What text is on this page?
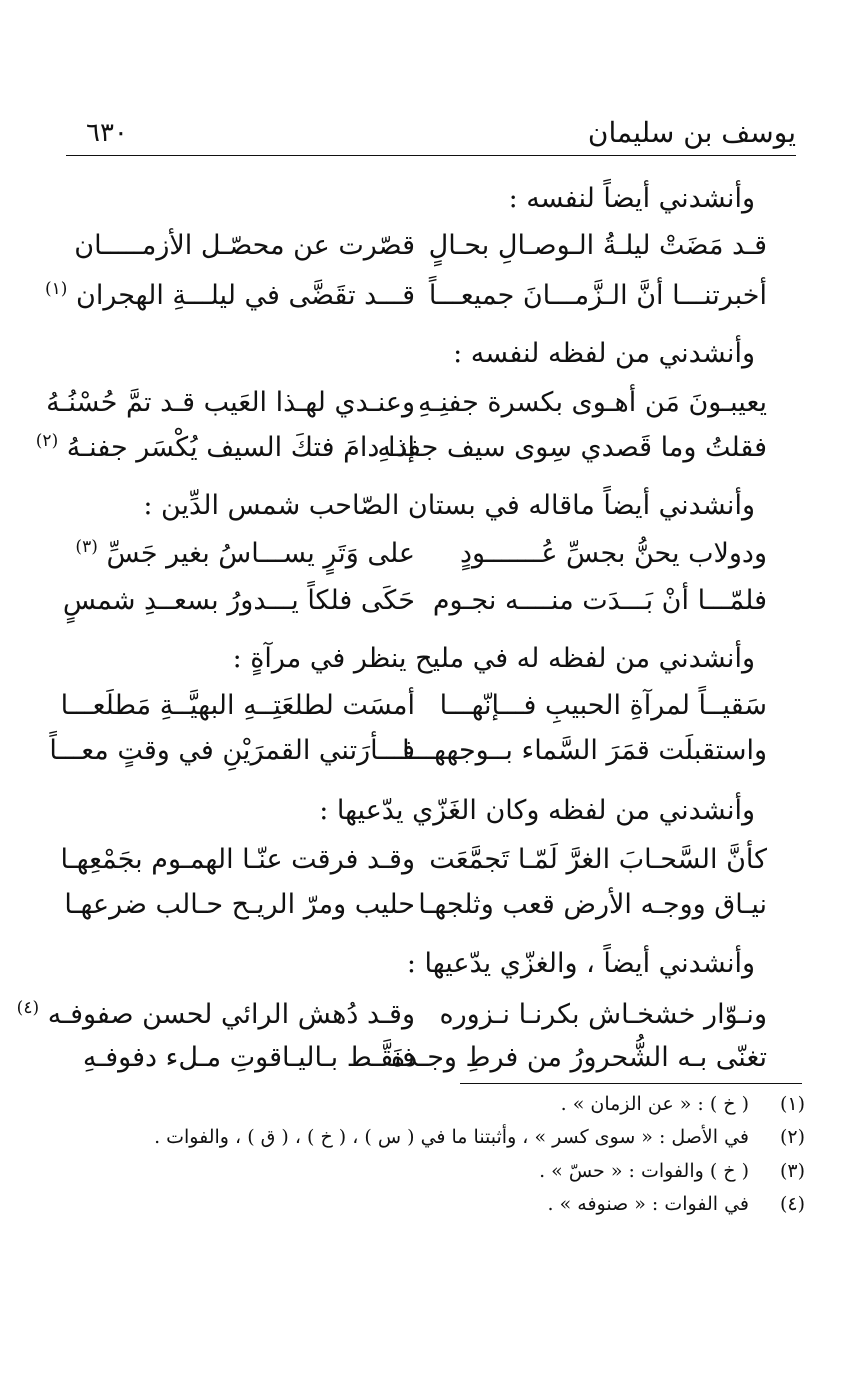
يوسف بن سليمان
٦٣٠
وأنشدني أيضاً لنفسه :
قـد مَضَتْ ليلـةُ الـوصـالِ بحـالٍ
قصّرت عن محصّـل الأزمـــــان
أخبرتنـــا أنَّ الـزَّمـــانَ جميعـــاً
قـــد تقَضَّى في ليلـــةِ الهجران $^{(١)}$
وأنشدني من لفظه لنفسه :
يعيبـونَ مَن أهـوى بكسرة جفنِـهِ
وعنـدي لهـذا العَيب قـد تمَّ حُسْنُـهُ
فقلتُ وما قَصدي سِوى سيف جفنـهِ
إذا دامَ فتكَ السيف يُكْسَر جفنـهُ $^{(٢)}$
وأنشدني أيضاً ماقاله في بستان الصّاحب شمس الدِّين :
ودولاب يحنُّ بجسِّ عُـــــــودٍ
على وَتَرٍ يســـاسُ بغير جَسِّ $^{(٣)}$
فلمّـــا أنْ بَـــدَت منــــه نجـوم
حَكَى فلكاً يـــدورُ بسعــدِ شمسٍ
وأنشدني من لفظه له في مليح ينظر في مرآةٍ :
سَقيــاً لمرآةِ الحبيبِ فـــإنّهـــا
أمسَت لطلعَتِــهِ البهيَّــةِ مَطلَعـــا
واستقبلَت قمَرَ السَّماء بــوجههـــا
فـــأرَتني القمرَيْنِ في وقتٍ معـــاً
وأنشدني من لفظه وكان الغَزّي يدّعيها :
كأنَّ السَّحـابَ الغرَّ لَمّـا تَجمَّعَت
وقـد فرقت عنّـا الهمـوم بجَمْعِهـا
نيـاق ووجـه الأرض قعب وثلجهـا
حليب ومرّ الريـح حـالب ضرعهـا
وأنشدني أيضاً ، والغزّي يدّعيها :
ونـوّار خشخـاش بكرنـا نـزوره
وقـد دُهش الرائي لحسن صفوفـه $^{(٤)}$
تغنّى بـه الشُّحرورُ من فرطِ وجـده
فنَقَّـط بـاليـاقوتِ مـلء دفوفـهِ
(١)( خ ) : « عن الزمان » .
(٢)في الأصل : « سوى كسر » ، وأثبتنا ما في ( س ) ، ( خ ) ، ( ق ) ، والفوات .
(٣)( خ ) والفوات : « حسّ » .
(٤)في الفوات : « صنوفه » .
